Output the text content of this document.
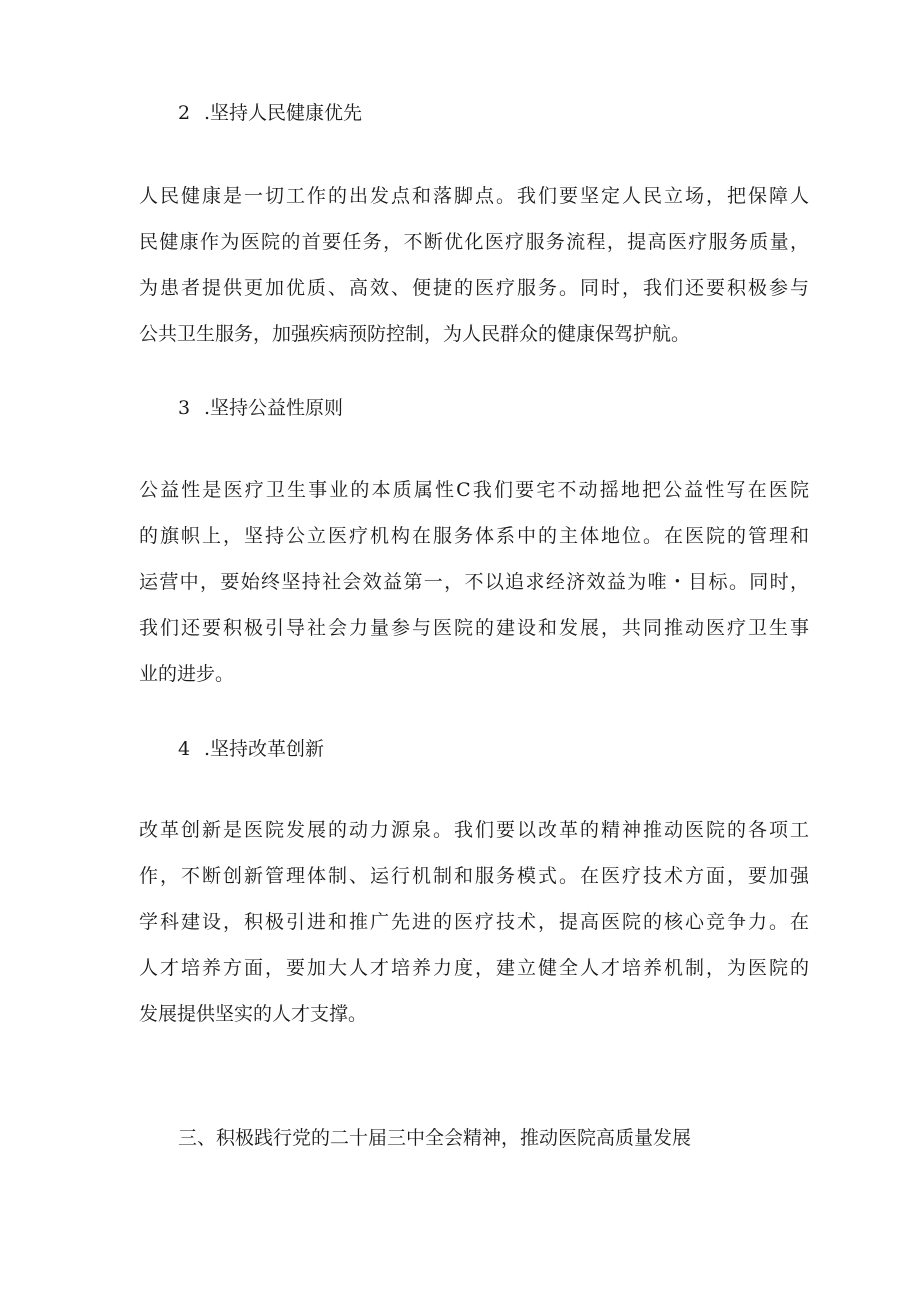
2 .坚持人民健康优先
人民健康是一切工作的出发点和落脚点。我们要坚定人民立场，把保障人
民健康作为医院的首要任务，不断优化医疗服务流程，提高医疗服务质量，
为患者提供更加优质、高效、便捷的医疗服务。同时，我们还要积极参与
公共卫生服务，加强疾病预防控制，为人民群众的健康保驾护航。
3 .坚持公益性原则
公益性是医疗卫生事业的本质属性C我们要宅不动摇地把公益性写在医院
的旗帜上，坚持公立医疗机构在服务体系中的主体地位。在医院的管理和
运营中，要始终坚持社会效益第一，不以追求经济效益为唯・目标。同时，
我们还要积极引导社会力量参与医院的建设和发展，共同推动医疗卫生事
业的进步。
4 .坚持改革创新
改革创新是医院发展的动力源泉。我们要以改革的精神推动医院的各项工
作，不断创新管理体制、运行机制和服务模式。在医疗技术方面，要加强
学科建设，积极引进和推广先进的医疗技术，提高医院的核心竞争力。在
人才培养方面，要加大人才培养力度，建立健全人才培养机制，为医院的
发展提供坚实的人才支撑。
三、积极践行党的二十届三中全会精神，推动医院高质量发展
